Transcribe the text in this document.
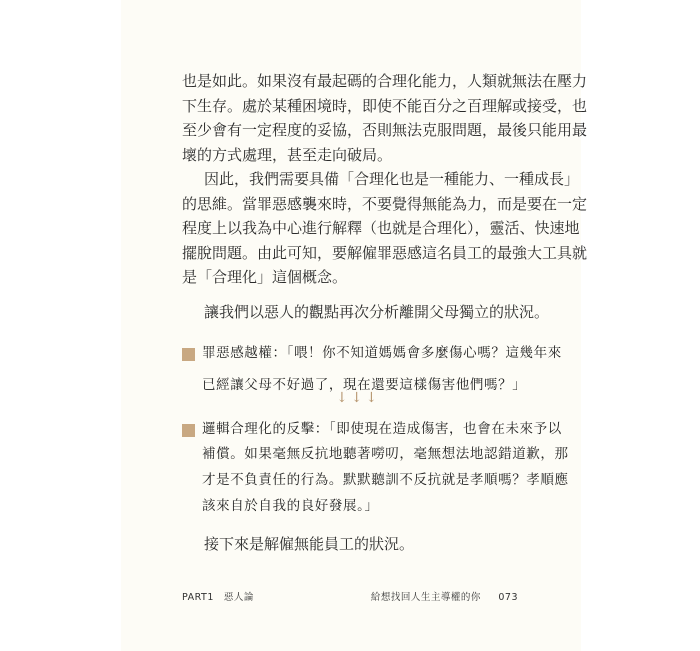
也是如此。如果沒有最起碼的合理化能力，人類就無法在壓力
下生存。處於某種困境時，即使不能百分之百理解或接受，也
至少會有一定程度的妥協，否則無法克服問題，最後只能用最
壞的方式處理，甚至走向破局。

因此，我們需要具備「合理化也是一種能力、一種成長」
的思維。當罪惡感襲來時，不要覺得無能為力，而是要在一定
程度上以我為中心進行解釋（也就是合理化），靈活、快速地
擺脫問題。由此可知，要解僱罪惡感這名員工的最強大工具就
是「合理化」這個概念。

讓我們以惡人的觀點再次分析離開父母獨立的狀況。

罪惡感越權：「喂！你不知道媽媽會多麼傷心嗎？這幾年來
已經讓父母不好過了，現在還要這樣傷害他們嗎？」
↓↓↓
邏輯合理化的反擊：「即使現在造成傷害，也會在未來予以
補償。如果毫無反抗地聽著嘮叨，毫無想法地認錯道歉，那
才是不負責任的行為。默默聽訓不反抗就是孝順嗎？孝順應
該來自於自我的良好發展。」

接下來是解僱無能員工的狀況。

PART1　惡人論	給想找回人生主導權的你 073
